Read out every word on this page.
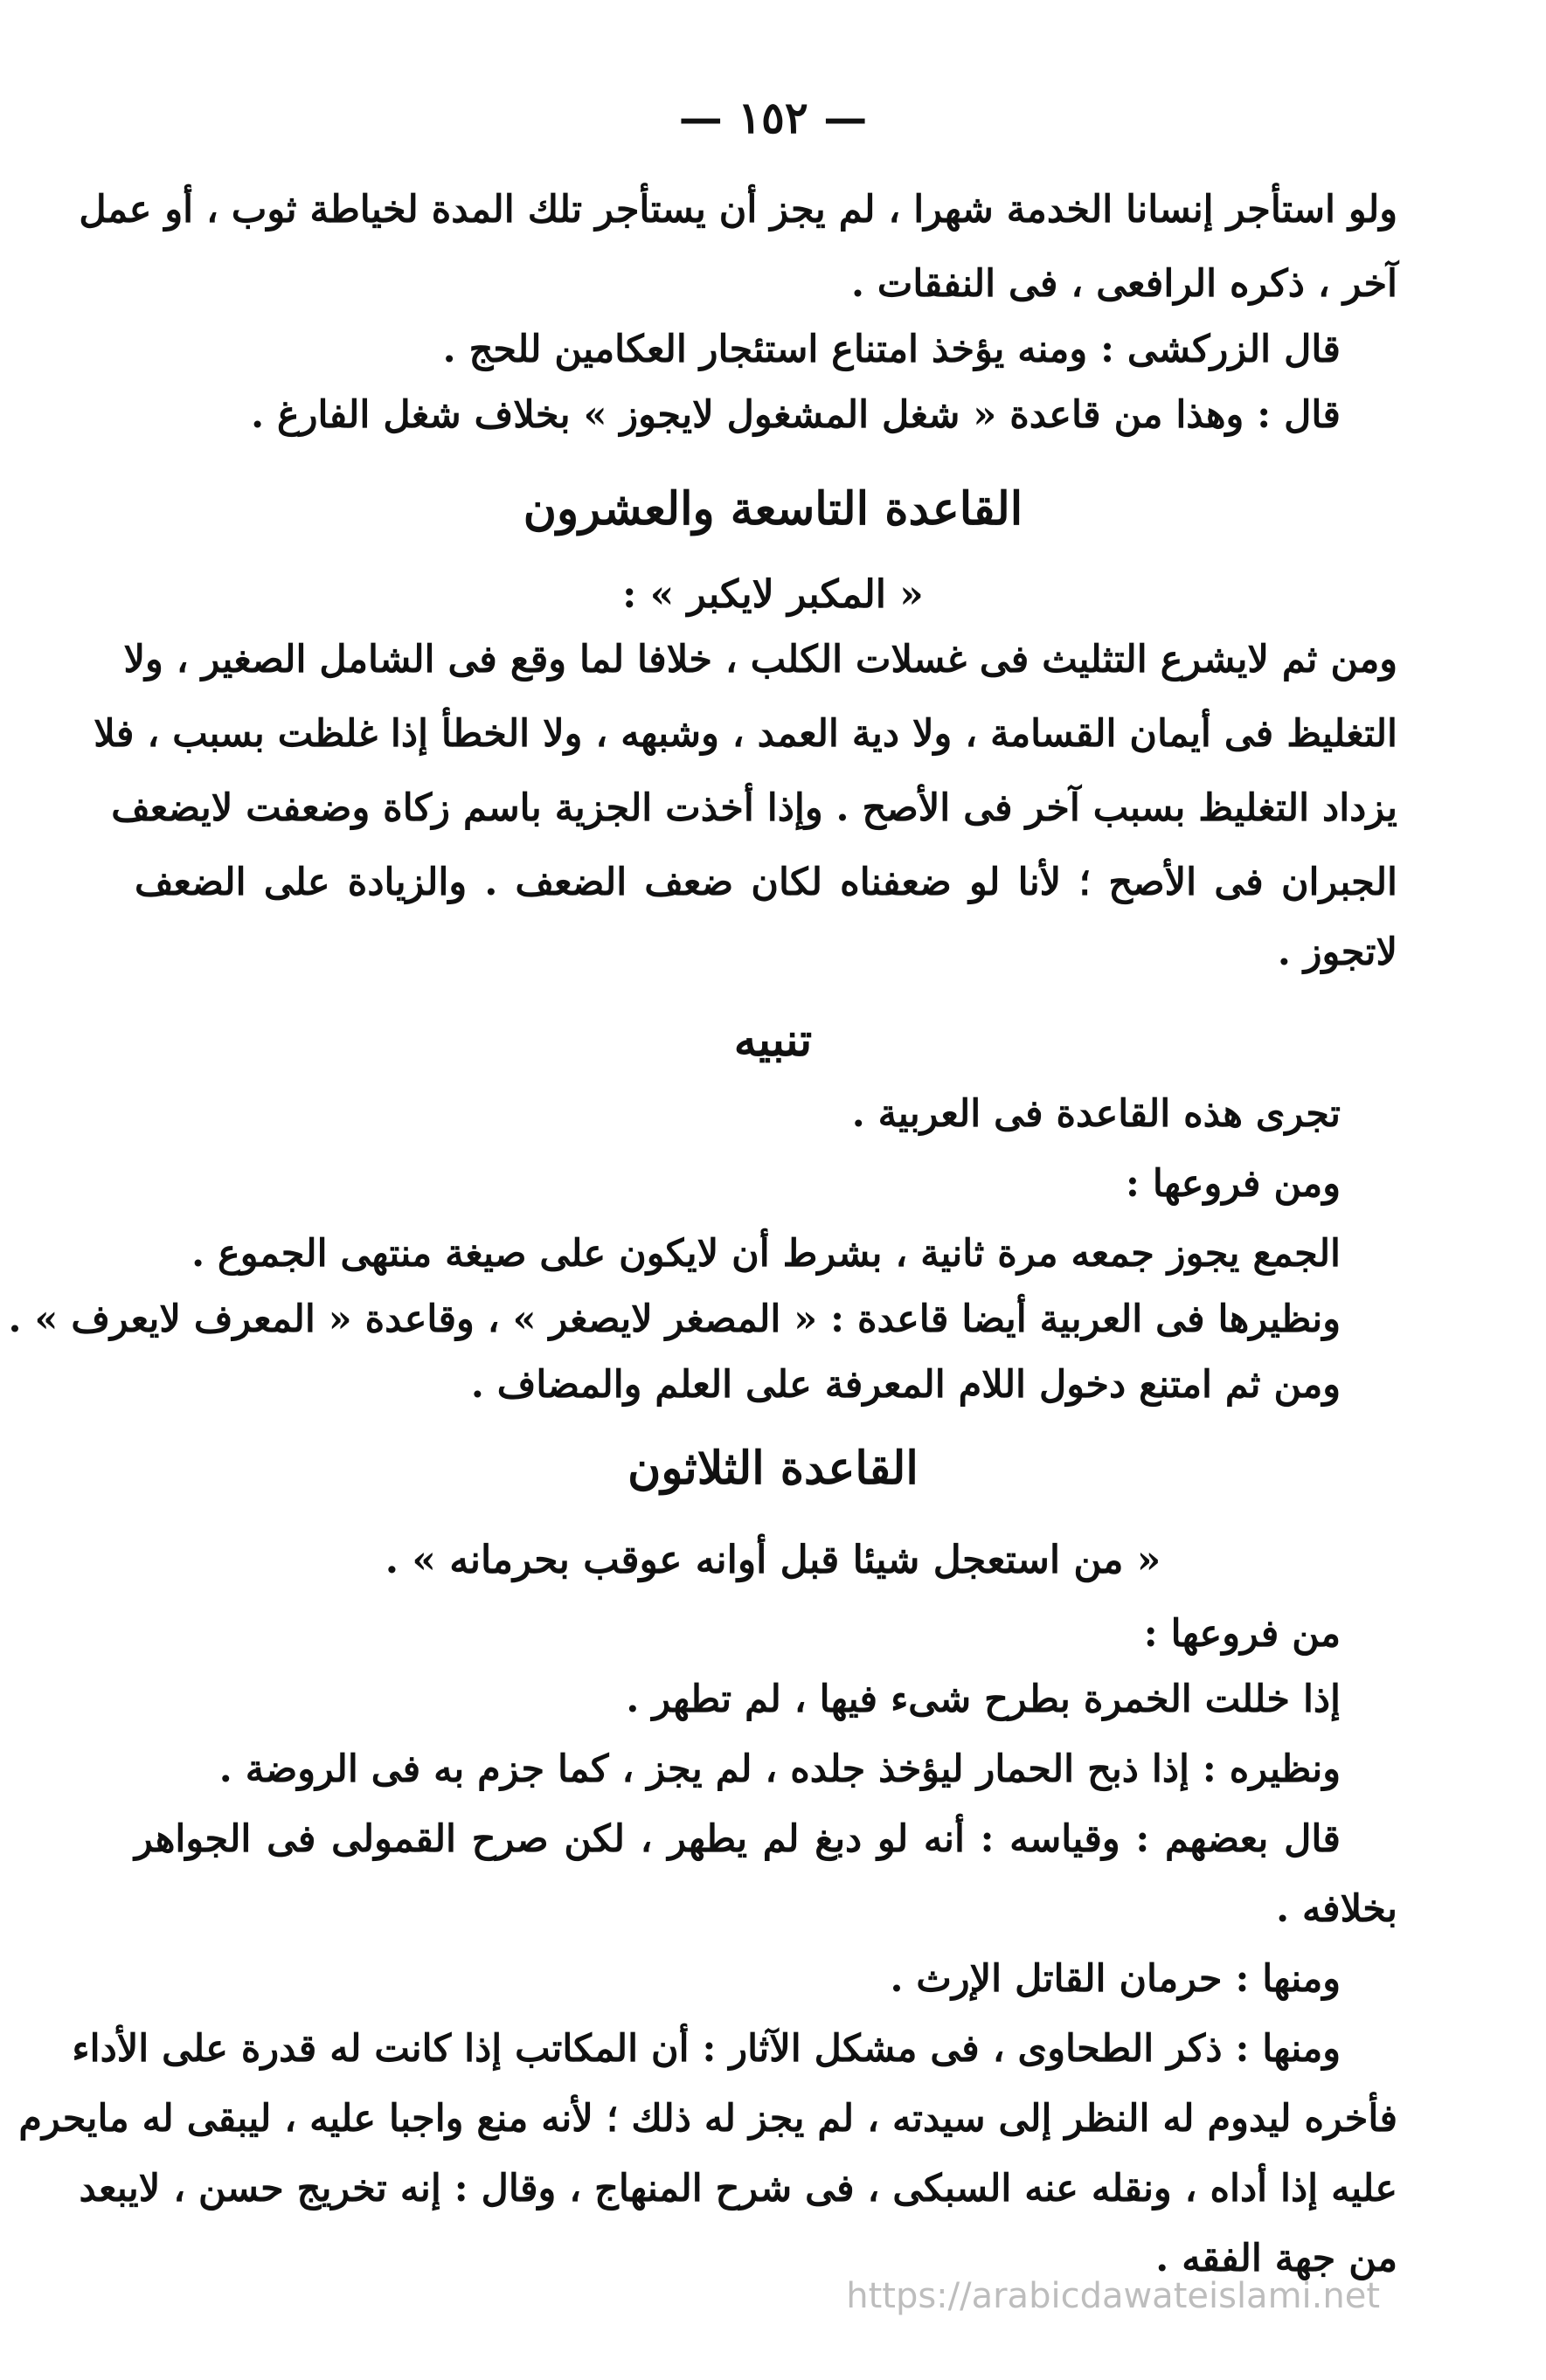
— ١٥٢ —
ولو استأجر إنسانا الخدمة شهرا ، لم يجز أن يستأجر تلك المدة لخياطة ثوب ، أو عمل
آخر ، ذكره الرافعى ، فى النفقات .
قال الزركشى : ومنه يؤخذ امتناع استئجار العكامين للحج .
قال : وهذا من قاعدة « شغل المشغول لايجوز » بخلاف شغل الفارغ .
القاعدة التاسعة والعشرون
« المكبر لايكبر » :
ومن ثم لايشرع التثليث فى غسلات الكلب ، خلافا لما وقع فى الشامل الصغير ، ولا
التغليظ فى أيمان القسامة ، ولا دية العمد ، وشبهه ، ولا الخطأ إذا غلظت بسبب ، فلا
يزداد التغليظ بسبب آخر فى الأصح . وإذا أخذت الجزية باسم زكاة وضعفت لايضعف
الجبران فى الأصح ؛ لأنا لو ضعفناه لكان ضعف الضعف . والزيادة على الضعف
لاتجوز .
تنبيه
تجرى هذه القاعدة فى العربية .
ومن فروعها :
الجمع يجوز جمعه مرة ثانية ، بشرط أن لايكون على صيغة منتهى الجموع .
ونظيرها فى العربية أيضا قاعدة : « المصغر لايصغر » ، وقاعدة « المعرف لايعرف » .
ومن ثم امتنع دخول اللام المعرفة على العلم والمضاف .
القاعدة الثلاثون
« من استعجل شيئا قبل أوانه عوقب بحرمانه » .
من فروعها :
إذا خللت الخمرة بطرح شىء فيها ، لم تطهر .
ونظيره : إذا ذبح الحمار ليؤخذ جلده ، لم يجز ، كما جزم به فى الروضة .
قال بعضهم : وقياسه : أنه لو دبغ لم يطهر ، لكن صرح القمولى فى الجواهر
بخلافه .
ومنها : حرمان القاتل الإرث .
ومنها : ذكر الطحاوى ، فى مشكل الآثار : أن المكاتب إذا كانت له قدرة على الأداء
فأخره ليدوم له النظر إلى سيدته ، لم يجز له ذلك ؛ لأنه منع واجبا عليه ، ليبقى له مايحرم
عليه إذا أداه ، ونقله عنه السبكى ، فى شرح المنهاج ، وقال : إنه تخريج حسن ، لايبعد
من جهة الفقه .
https://arabicdawateislami.net
